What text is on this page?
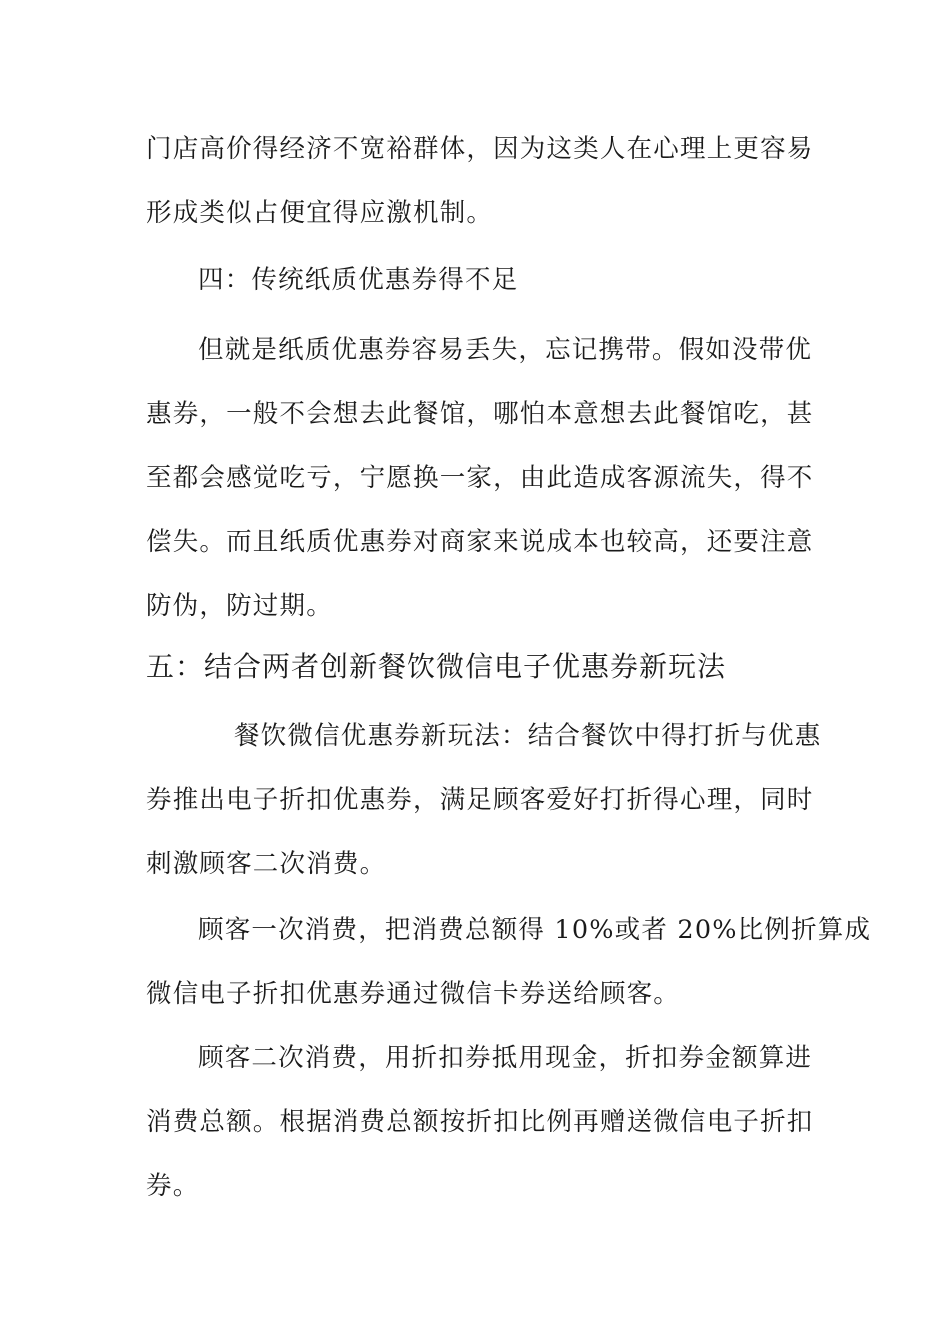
门店高价得经济不宽裕群体，因为这类人在心理上更容易
形成类似占便宜得应激机制。

四：传统纸质优惠券得不足

但就是纸质优惠券容易丢失，忘记携带。假如没带优
惠券，一般不会想去此餐馆，哪怕本意想去此餐馆吃，甚
至都会感觉吃亏，宁愿换一家，由此造成客源流失，得不
偿失。而且纸质优惠券对商家来说成本也较高，还要注意
防伪，防过期。

五：结合两者创新餐饮微信电子优惠券新玩法

餐饮微信优惠券新玩法：结合餐饮中得打折与优惠
券推出电子折扣优惠券，满足顾客爱好打折得心理，同时
刺激顾客二次消费。

顾客一次消费，把消费总额得 10%或者 20%比例折算成
微信电子折扣优惠券通过微信卡券送给顾客。

顾客二次消费，用折扣券抵用现金，折扣券金额算进
消费总额。根据消费总额按折扣比例再赠送微信电子折扣
券。
